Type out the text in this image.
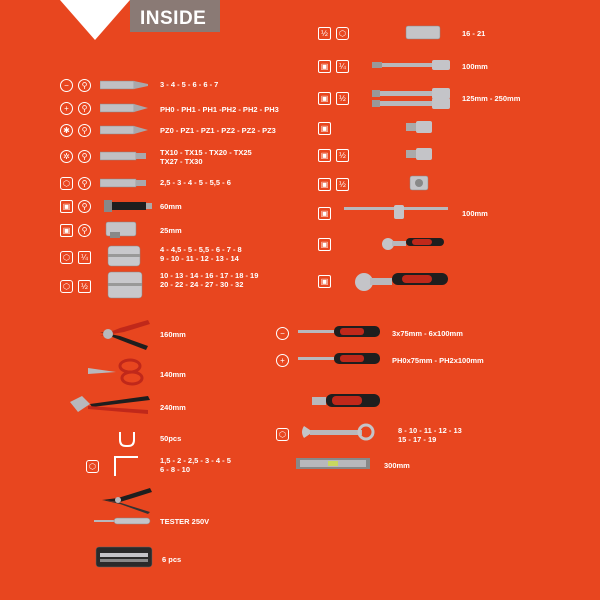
INSIDE
−	⚲	3 - 4 - 5 - 6 - 6 - 7
+	⚲	PH0 - PH1 - PH1 -PH2 - PH2 - PH3
✱	⚲	PZ0 - PZ1 - PZ1 - PZ2 - PZ2 - PZ3
✲	⚲	TX10 - TX15 - TX20 - TX25
TX27 - TX30
⬡	⚲	2,5 - 3 - 4 - 5 - 5,5 - 6
▣	⚲	60mm
▣	⚲	25mm
⬡	¼
4 - 4,5 - 5 - 5,5 - 6 - 7 - 8
9 - 10 - 11 - 12 - 13 - 14
⬡	½
10 - 13 - 14 - 16 - 17 - 18 - 19
20 - 22 - 24 - 27 - 30 - 32
½	⬡	16 - 21
▣	¼	100mm
▣	½	125mm - 250mm
▣
▣	½
▣	½
▣	100mm
▣
▣
160mm
140mm
240mm
50pcs
⬡
1,5 - 2 - 2,5 - 3 - 4 - 5
6 - 8 - 10
TESTER 250V
6 pcs
−	3x75mm - 6x100mm
+	PH0x75mm - PH2x100mm
⬡	8 - 10 - 11 - 12 - 13
15 - 17 - 19
300mm
